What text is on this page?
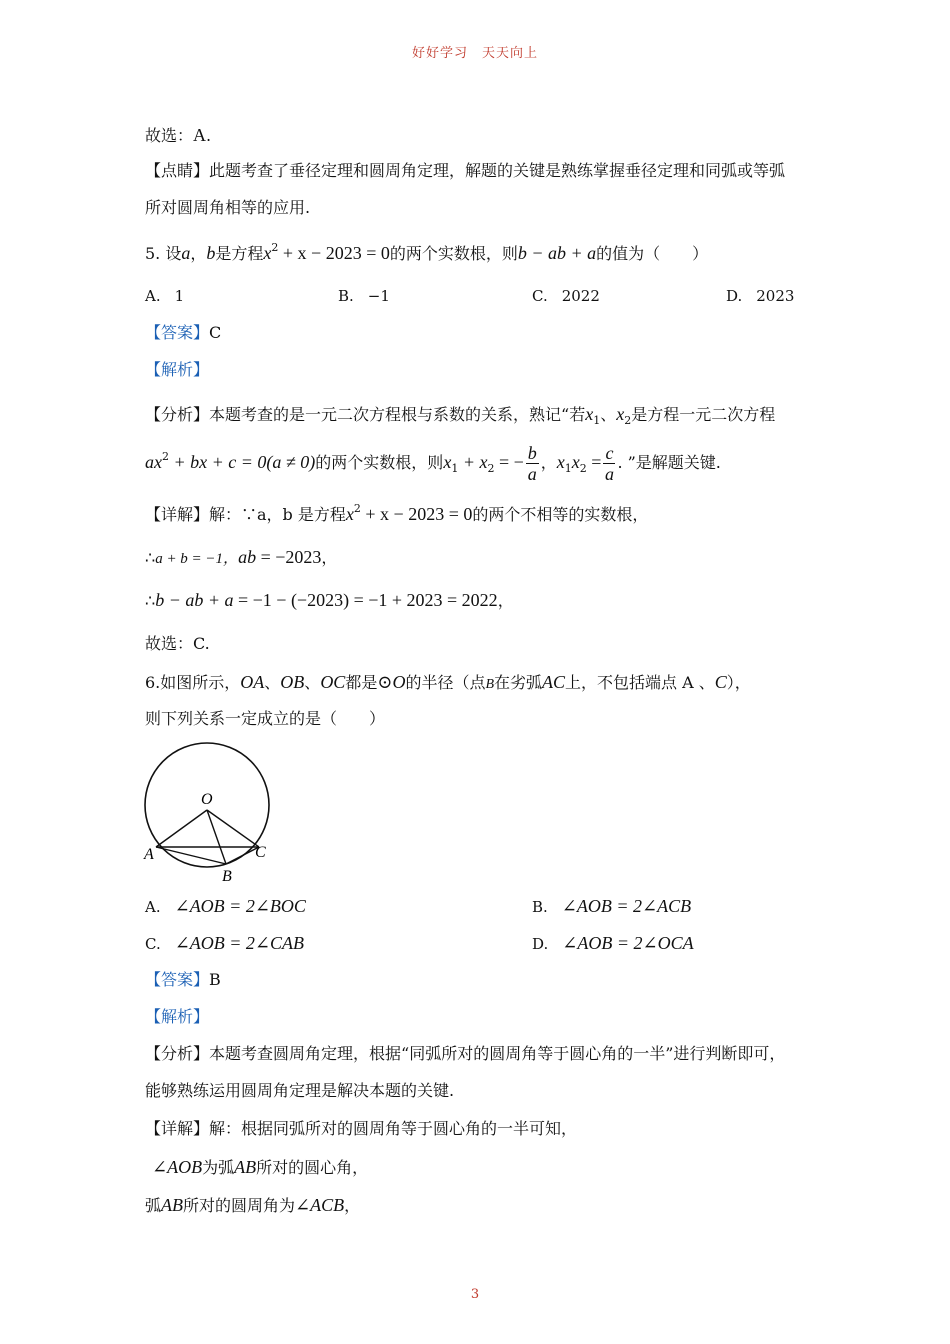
好好学习 天天向上
故选：A.
【点睛】此题考查了垂径定理和圆周角定理，解题的关键是熟练掌握垂径定理和同弧或等弧
所对圆周角相等的应用.
5. 设a，b是方程$x^2 + x - 2023 = 0$的两个实数根，则b − ab + a的值为（　　）
A. 1	B. −1	C. 2022	D. 2023
【答案】C
【解析】
【分析】本题考查的是一元二次方程根与系数的关系，熟记“若$x_1$、$x_2$是方程一元二次方程
$ax^2$ + bx + c = 0(a ≠ 0)的两个实数根，则$x_1 + x_2$ = − $\frac{b}{a}$ ，$x_1x_2 = \frac{c}{a}$ . ”是解题关键.
【详解】解：∵a，b 是方程$x^2 + x - 2023 = 0$的两个不相等的实数根，
∴a + b = −1，ab = −2023，
∴b − ab + a = −1 − (−2023) = −1 + 2023 = 2022，
故选：C.
6.如图所示，OA、OB、OC都是⊙O的半径（点B在劣弧AC上，不包括端点 A 、C），
则下列关系一定成立的是（　　）
O
A
B
C
A. ∠AOB = 2∠BOC	B. ∠AOB = 2∠ACB
C. ∠AOB = 2∠CAB	D. ∠AOB = 2∠OCA
【答案】B
【解析】
【分析】本题考查圆周角定理，根据“同弧所对的圆周角等于圆心角的一半”进行判断即可，
能够熟练运用圆周角定理是解决本题的关键.
【详解】解：根据同弧所对的圆周角等于圆心角的一半可知，
∠AOB为弧AB所对的圆心角，
弧AB所对的圆周角为∠ACB，
3
